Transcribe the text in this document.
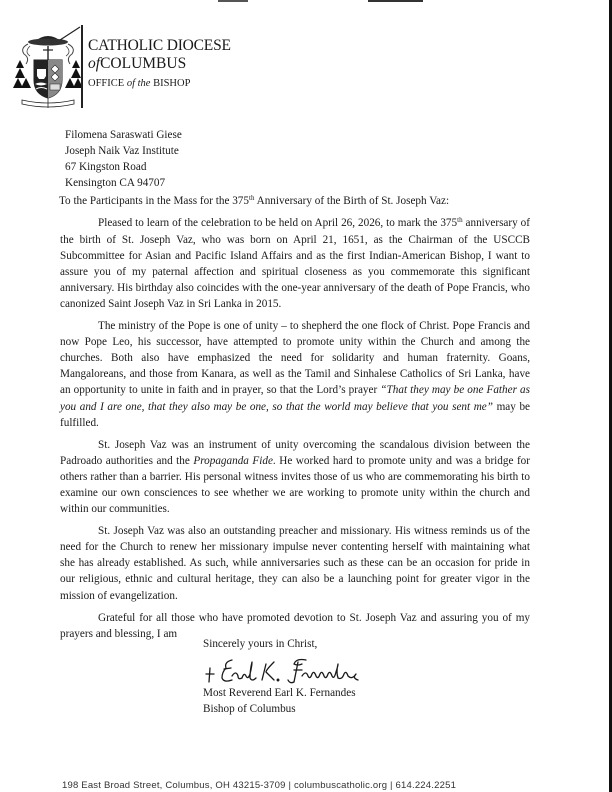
CATHOLIC DIOCESE
ofCOLUMBUS
OFFICE of the BISHOP
Filomena Saraswati Giese
Joseph Naik Vaz Institute
67 Kingston Road
Kensington CA 94707
To the Participants in the Mass for the 375th Anniversary of the Birth of St. Joseph Vaz:

Pleased to learn of the celebration to be held on April 26, 2026, to mark the 375th anniversary of the birth of St. Joseph Vaz, who was born on April 21, 1651, as the Chairman of the USCCB Subcommittee for Asian and Pacific Island Affairs and as the first Indian-American Bishop, I want to assure you of my paternal affection and spiritual closeness as you commemorate this significant anniversary. His birthday also coincides with the one-year anniversary of the death of Pope Francis, who canonized Saint Joseph Vaz in Sri Lanka in 2015.

The ministry of the Pope is one of unity – to shepherd the one flock of Christ. Pope Francis and now Pope Leo, his successor, have attempted to promote unity within the Church and among the churches. Both also have emphasized the need for solidarity and human fraternity. Goans, Mangaloreans, and those from Kanara, as well as the Tamil and Sinhalese Catholics of Sri Lanka, have an opportunity to unite in faith and in prayer, so that the Lord’s prayer “That they may be one Father as you and I are one, that they also may be one, so that the world may believe that you sent me” may be fulfilled.

St. Joseph Vaz was an instrument of unity overcoming the scandalous division between the Padroado authorities and the Propaganda Fide. He worked hard to promote unity and was a bridge for others rather than a barrier. His personal witness invites those of us who are commemorating his birth to examine our own consciences to see whether we are working to promote unity within the church and within our communities.

St. Joseph Vaz was also an outstanding preacher and missionary. His witness reminds us of the need for the Church to renew her missionary impulse never contenting herself with maintaining what she has already established. As such, while anniversaries such as these can be an occasion for pride in our religious, ethnic and cultural heritage, they can also be a launching point for greater vigor in the mission of evangelization.

Grateful for all those who have promoted devotion to St. Joseph Vaz and assuring you of my prayers and blessing, I am

Sincerely yours in Christ,
Most Reverend Earl K. Fernandes
Bishop of Columbus
198 East Broad Street, Columbus, OH 43215-3709 | columbuscatholic.org | 614.224.2251
